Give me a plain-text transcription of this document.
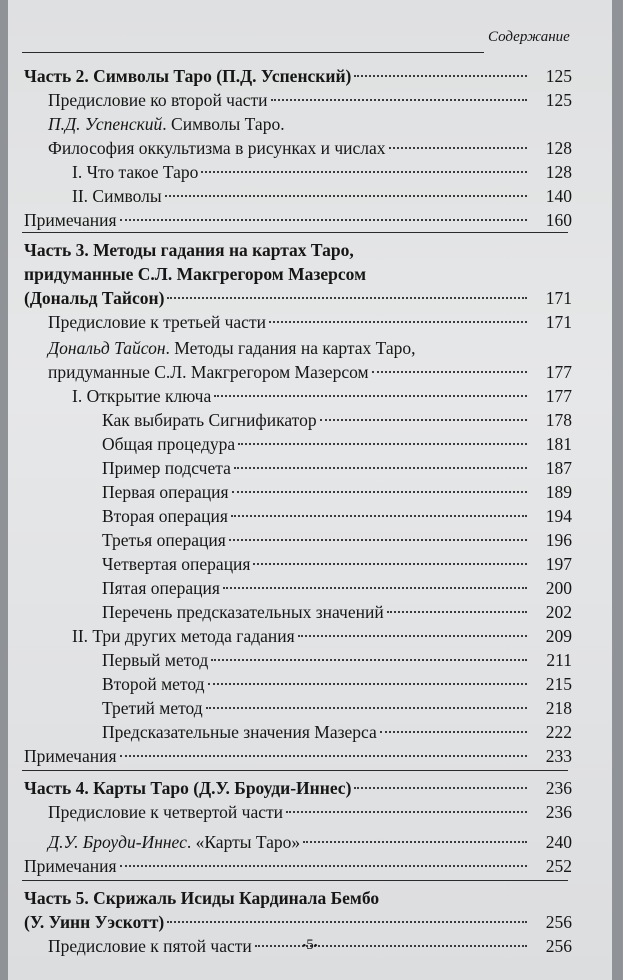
Содержание
Часть 2. Символы Таро (П.Д. Успенский)	125
Предисловие ко второй части	125
П.Д. Успенский. Символы Таро.
Философия оккультизма в рисунках и числах	128
I. Что такое Таро	128
II. Символы	140
Примечания	160
Часть 3. Методы гадания на картах Таро,
придуманные С.Л. Макгрегором Мазерсом
(Дональд Тайсон)	171
Предисловие к третьей части	171
Дональд Тайсон. Методы гадания на картах Таро,
придуманные С.Л. Макгрегором Мазерсом	177
I. Открытие ключа	177
Как выбирать Сигнификатор	178
Общая процедура	181
Пример подсчета	187
Первая операция	189
Вторая операция	194
Третья операция	196
Четвертая операция	197
Пятая операция	200
Перечень предсказательных значений	202
II. Три других метода гадания	209
Первый метод	211
Второй метод	215
Третий метод	218
Предсказательные значения Мазерса	222
Примечания	233
Часть 4. Карты Таро (Д.У. Броуди-Иннес)	236
Предисловие к четвертой части	236
Д.У. Броуди-Иннес. «Карты Таро»	240
Примечания	252
Часть 5. Скрижаль Исиды Кардинала Бембо
(У. Уинн Уэскотт)	256
Предисловие к пятой части	256
•5•
